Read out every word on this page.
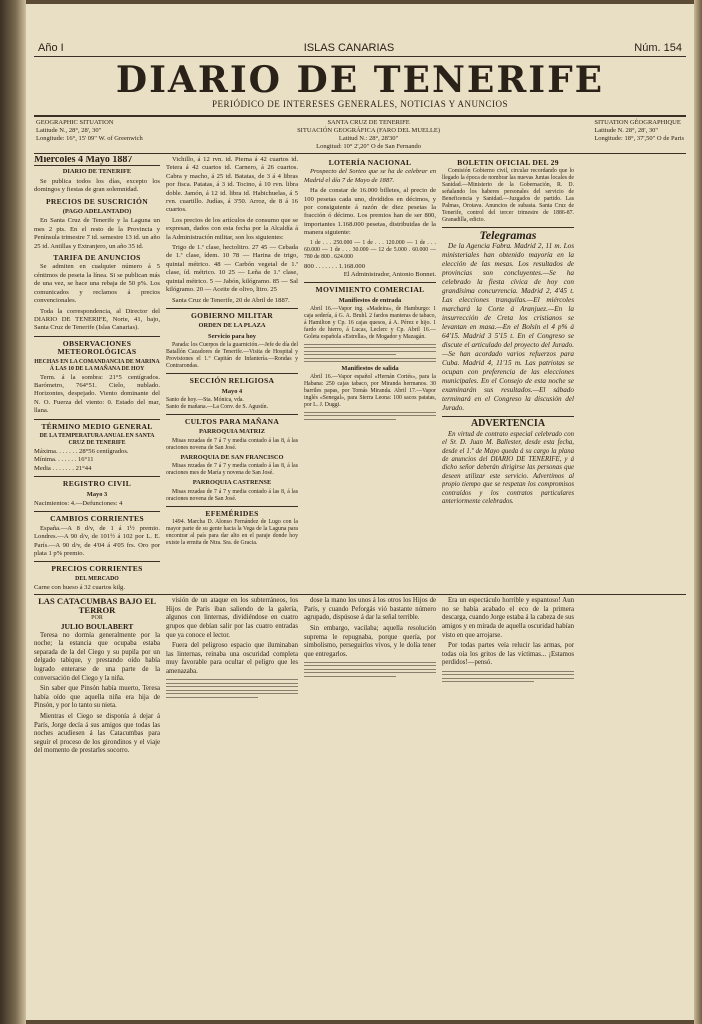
Año I	ISLAS CANARIAS	Núm. 154
DIARIO DE TENERIFE
PERIÓDICO DE INTERESES GENERALES, NOTICIAS Y ANUNCIOS
GEOGRAPHIC SITUATION
Latitude N., 28°, 28', 30"
Longitude: 16°, 15' 09" W. of Greenwich
SANTA CRUZ DE TENERIFE
SITUACIÓN GEOGRÁFICA (FARO DEL MUELLE)
Latitud N.: 28°, 28'30"
Longitud: 10° 2',20" O de San Fernando
SITUATION GÉOGRAPHIQUE
Latitude N. 28°, 28', 30"
Longitude: 18°, 37',50" O de Paris
Miercoles 4 Mayo 1887
DIARIO DE TENERIFE

Se publica todos los días, excepto los domingos y fiestas de gran solemnidad.

PRECIOS DE SUSCRICIÓN
(PAGO ADELANTADO)

En Santa Cruz de Tenerife y la Laguna un mes 2 pts. En el resto de la Provincia y Península trimestre 7 id. semestre 13 id. un año 25 id. Antillas y Extranjero, un año 35 id.

TARIFA DE ANUNCIOS

Se admiten en cualquier número á 5 céntimos de peseta la línea. Si se publican más de una vez, se hace una rebaja de 50 p%. Los comunicados y reclamos á precios convencionales.

Toda la correspondencia, al Director del DIARIO DE TENERIFE, Norte, 41, bajo, Santa Cruz de Tenerife (Islas Canarias).

OBSERVACIONES METEOROLÓGICAS
HECHAS EN LA COMANDANCIA DE MARINA Á LAS 10 DE LA MAÑANA DE HOY

Term. á la sombra: 21°5 centígrados. Barómetro, 764°51. Cielo, nublado. Horizontes, despejado. Viento dominante del N. O. Fuerza del viento: 0. Estado del mar, llana.

TÉRMINO MEDIO GENERAL
DE LA TEMPERATURA ANUAL EN SANTA CRUZ DE TENERIFE
Máxima. . . . . . . 28°56 centígrados.
Mínima. . . . . . . 16°11
Media . . . . . . . 21°44
REGISTRO CIVIL
Mayo 3
Nacimientos: 4.—Defunciones: 4
CAMBIOS CORRIENTES

España.—A 8 d/v, de 1 á 1½ premio. Londres.—A 90 d/v, de 101½ á 102 por L. E. París.—A 90 d/v, de 4'04 á 4'05 frs. Oro por plata 1 p% premio.

PRECIOS CORRIENTES
DEL MERCADO
Carne con hueso á 32 cuartos kilg.

Vichillo, á 12 rvn. id. Pierna á 42 cuartos id. Tetera á 42 cuartos id. Carnero, á 26 cuartos. Cabra y macho, á 25 id. Batatas, de 3 á 4 libras por fisca. Patatas, á 3 id. Tocino, á 10 rvn. libra doble. Jamón, á 12 id. libra id. Habichuelas, á 5 rvn. cuartillo. Judías, á 3'50. Arroz, de 8 á 16 cuartos.

Los precios de los artículos de consumo que se expresan, dados con esta fecha por la Alcaldía á la Administración militar, son los siguientes:

Trigo de 1.ª clase, hectolitro. 27 45 — Cebada de 1.ª clase, ídem. 10 78 — Harina de trigo, quintal métrico. 48 — Carbón vegetal de 1.ª clase, íd. métrico. 10 25 — Leña de 1.ª clase, quintal métrico. 5 — Jabón, kilógramo. 85 — Sal kilógramo. 20 — Aceite de olivo, litro. 25

Santa Cruz de Tenerife, 20 de Abril de 1887.

GOBIERNO MILITAR
ORDEN DE LA PLAZA
Servicio para hoy

Parada: los Cuerpos de la guarnición.—Jefe de día del Batallón Cazadores de Tenerife.—Visita de Hospital y Provisiones el 1.º Capitán de Infantería.—Rondas y Contrarondas.

SECCIÓN RELIGIOSA
Mayo 4
Santo de hoy.—Sta. Mónica, vda.
Santo de mañana.—La Conv. de S. Agustín.
CULTOS PARA MAÑANA
PARROQUIA MATRIZ

Misas rezadas de 7 á 7 y media contado á las 8, á las oraciones novena de San José.

PARROQUIA DE SAN FRANCISCO

Misas rezadas de 7 á 7 y media contado á las 8, á las oraciones mes de María y novena de San José.

PARROQUIA CASTRENSE

Misas rezadas de 7 á 7 y media contado á las 8, á las oraciones novena de San José.

EFEMÉRIDES

1494. Marcha D. Alonso Fernández de Lugo con la mayor parte de su gente hacia la Vega de la Laguna para encontrar al país para dar alto en el paraje donde hoy existe la ermita de Ntra. Sra. de Gracia.

LOTERÍA NACIONAL

Prospecto del Sorteo que se ha de celebrar en Madrid el día 7 de Mayo de 1887.

Ha de constar de 16.000 billetes, al precio de 100 pesetas cada uno, divididos en décimos, y por consiguiente á razón de diez pesetas la fracción ó décimo. Los premios han de ser 800, importantes 1.168.000 pesetas, distribuidas de la manera siguiente:

1 de . . . 250.000 — 1 de . . . 120.000 — 1 de . . . 60.000 — 1 de . . . 30.000 — 12 de 5.000 . 60.000 — 780 de 800 . 624.000

800 . . . . . . . 1.168.000
El Administrador, Antonio Bonnet.
MOVIMIENTO COMERCIAL
Manifiestos de entrada

Abril 16.—Vapor ing. «Madeira», de Hamburgo: 1 caja sedería, á G. A. Bruhl. 2 fardos manteras de tabaco, á Hamilton y Cp. 16 cajas quesos, á A. Pérez e hijo. 1 fardo de hierro, á Lucas, Leclerc y Cp. Abril 16.—Goleta española «Estrella», de Mogador y Mazagán.

Manifiestos de salida

Abril 16.—Vapor español «Hernán Cortés», para la Habana: 250 cajas tabaco, por Miranda hermanos. 30 barriles papas, por Tomás Miranda. Abril 17.—Vapor inglés «Senegal», para Sierra Leona: 100 sacos patatas, por L. J. Duggi.

BOLETIN OFICIAL DEL 29

Comisión Gobierno civil, circular recordando que lo llegado la época de nombrar las nuevas Juntas locales de Sanidad.—Ministerio de la Gobernación, R. D. señalando los haberes personales del servicio de Beneficencia y Sanidad.—Juzgados de partido. Las Palmas, Orotava. Anuncios de subasta. Santa Cruz de Tenerife, control del tercer trimestre de 1886-87. Granadilla, edicto.

Telegramas

De la Agencia Fabra. Madrid 2, 11 m. Los ministeriales han obtenido mayoría en la elección de las mesas. Los resultados de provincias son concluyentes.—Se ha celebrado la fiesta cívica de hoy con grandísima concurrencia. Madrid 2, 4'45 t. Las elecciones tranquilas.—El miércoles marchará la Corte á Aranjuez.—En la insurrección de Creta los cristianos se levantan en masa.—En el Bolsín el 4 p% á 64'15. Madrid 3 5'15 t. En el Congreso se discute el articulado del proyecto del Jurado.—Se han acordado varios refuerzos para Cuba. Madrid 4, 11'15 m. Las patriotas se ocupan con preferencia de las elecciones municipales. En el Consejo de esta noche se examinarán sus resultados.—El sábado terminará en el Congreso la discusión del Jurado.

ADVERTENCIA

En virtud de contrato especial celebrado con el Sr. D. Juan M. Ballester, desde esta fecha, desde el 1.º de Mayo queda á su cargo la plana de anuncios del DIARIO DE TENERIFE, y á dicho señor deberán dirigirse las personas que deseen utilizar este servicio. Advertimos al propio tiempo que se respetan los compromisos contraídos y los contratos particulares anteriormente celebrados.

LAS CATACUMBAS BAJO EL TERROR
POR
JULIO BOULABERT

Teresa no dormía generalmente por la noche; la estancia que ocupaba estaba separada de la del Ciego y su pupila por un delgado tabique, y prestando oído había logrado enterarse de una parte de la conversación del Ciego y la niña.

Sin saber que Pinsón había muerto, Teresa había oído que aquella niña era hija de Pinsón, y por lo tanto su nieta.

Mientras el Ciego se disponía á dejar á París, Jorge decía á sus amigos que todas las noches acudiesen á las Catacumbas para seguir el proceso de los girondinos y el viaje del momento de prestarles socorro.

visión de un ataque en los subterráneos, los Hijos de París iban saliendo de la galería, algunos con linternas, dividiéndose en cuatro grupos que debían salir por las cuatro entradas que ya conoce el lector.

Fuera del peligroso espacio que iluminaban las linternas, reinaba una oscuridad completa muy favorable para ocultar el peligro que les amenazaba.

dose la mano los unos á los otros los Hijos de París, y cuando Peforgás vió bastante número agrupado, dispúsose á dar la señal terrible.

Sin embargo, vacilaba; aquella resolución suprema le repugnaba, porque quería, por simbolismo, perseguirlos vivos, y le dolía tener que entregarlos.

Era un espectáculo horrible y espantoso! Aun no se había acabado el eco de la primera descarga, cuando Jorge estaba á la cabeza de sus amigos y en mirada de aquella oscuridad habían visto en que arrojarse.

Por todas partes veía relucir las armas, por todas oía los gritos de las víctimas... ¡Estamos perdidos!—pensó.
